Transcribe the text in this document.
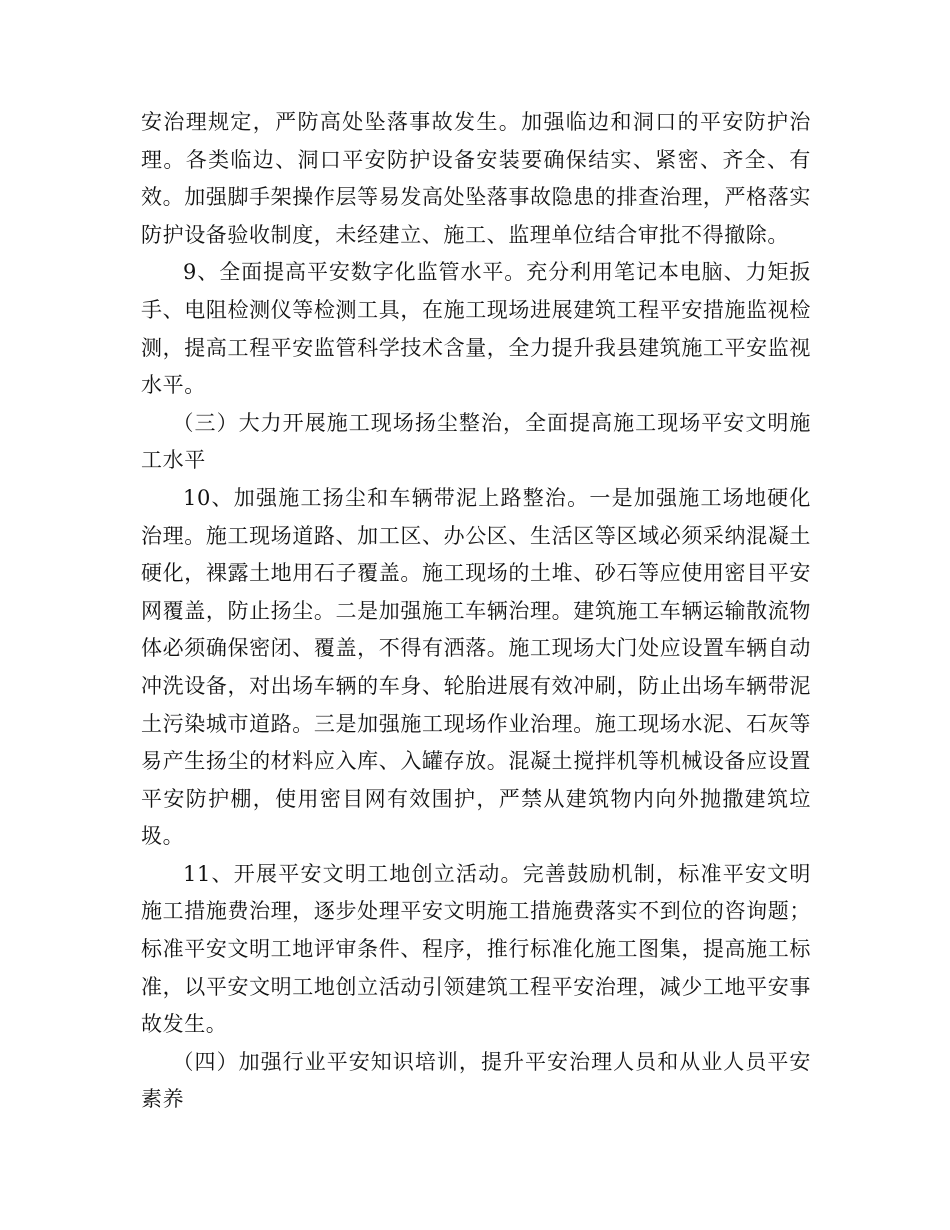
安治理规定，严防高处坠落事故发生。加强临边和洞口的平安防护治理。各类临边、洞口平安防护设备安装要确保结实、紧密、齐全、有效。加强脚手架操作层等易发高处坠落事故隐患的排查治理，严格落实防护设备验收制度，未经建立、施工、监理单位结合审批不得撤除。

9、全面提高平安数字化监管水平。充分利用笔记本电脑、力矩扳手、电阻检测仪等检测工具，在施工现场进展建筑工程平安措施监视检测，提高工程平安监管科学技术含量，全力提升我县建筑施工平安监视水平。

（三）大力开展施工现场扬尘整治，全面提高施工现场平安文明施工水平

10、加强施工扬尘和车辆带泥上路整治。一是加强施工场地硬化治理。施工现场道路、加工区、办公区、生活区等区域必须采纳混凝土硬化，裸露土地用石子覆盖。施工现场的土堆、砂石等应使用密目平安网覆盖，防止扬尘。二是加强施工车辆治理。建筑施工车辆运输散流物体必须确保密闭、覆盖，不得有洒落。施工现场大门处应设置车辆自动冲洗设备，对出场车辆的车身、轮胎进展有效冲刷，防止出场车辆带泥土污染城市道路。三是加强施工现场作业治理。施工现场水泥、石灰等易产生扬尘的材料应入库、入罐存放。混凝土搅拌机等机械设备应设置平安防护棚，使用密目网有效围护，严禁从建筑物内向外抛撒建筑垃圾。

11、开展平安文明工地创立活动。完善鼓励机制，标准平安文明施工措施费治理，逐步处理平安文明施工措施费落实不到位的咨询题；标准平安文明工地评审条件、程序，推行标准化施工图集，提高施工标准，以平安文明工地创立活动引领建筑工程平安治理，减少工地平安事故发生。

（四）加强行业平安知识培训，提升平安治理人员和从业人员平安素养
